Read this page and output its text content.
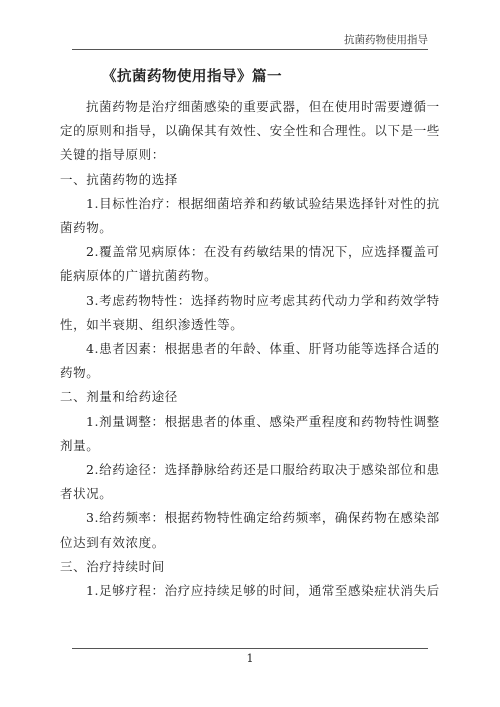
抗菌药物使用指导
《抗菌药物使用指导》篇一
抗菌药物是治疗细菌感染的重要武器，但在使用时需要遵循一定的原则和指导，以确保其有效性、安全性和合理性。以下是一些关键的指导原则：
一、抗菌药物的选择
1.目标性治疗：根据细菌培养和药敏试验结果选择针对性的抗菌药物。
2.覆盖常见病原体：在没有药敏结果的情况下，应选择覆盖可能病原体的广谱抗菌药物。
3.考虑药物特性：选择药物时应考虑其药代动力学和药效学特性，如半衰期、组织渗透性等。
4.患者因素：根据患者的年龄、体重、肝肾功能等选择合适的药物。
二、剂量和给药途径
1.剂量调整：根据患者的体重、感染严重程度和药物特性调整剂量。
2.给药途径：选择静脉给药还是口服给药取决于感染部位和患者状况。
3.给药频率：根据药物特性确定给药频率，确保药物在感染部位达到有效浓度。
三、治疗持续时间
1.足够疗程：治疗应持续足够的时间，通常至感染症状消失后
1
